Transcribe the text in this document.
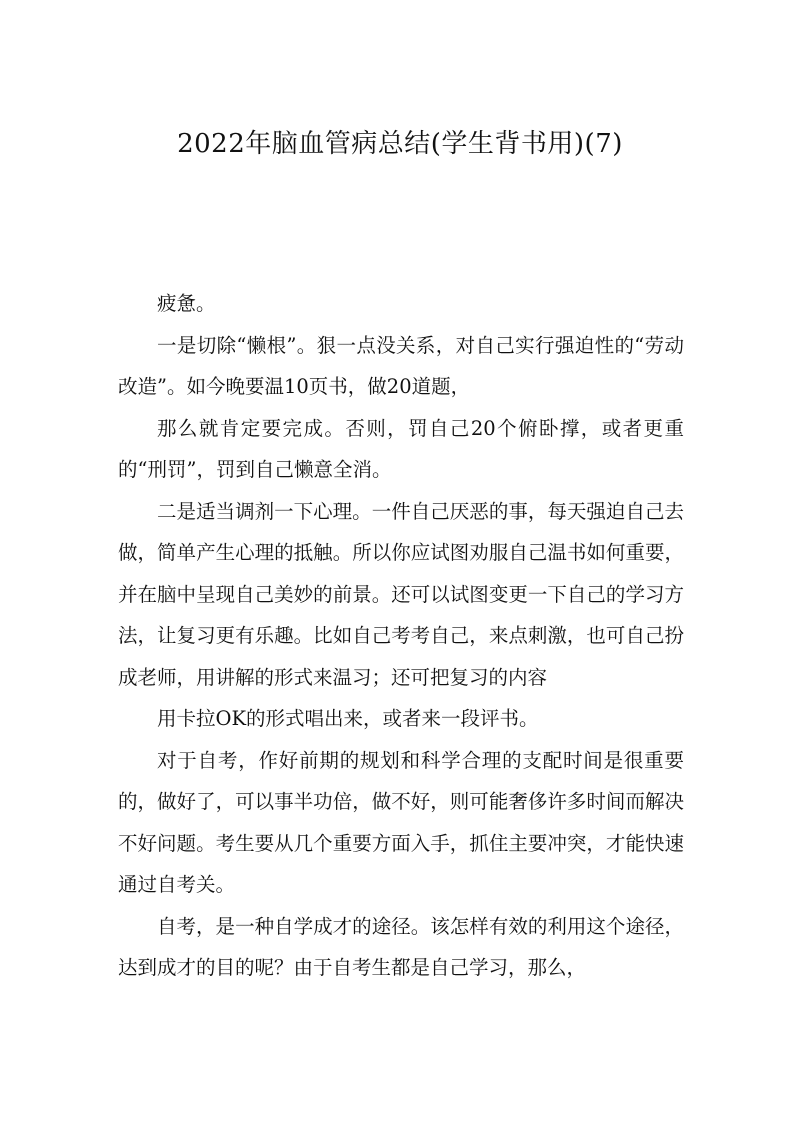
2022年脑血管病总结(学生背书用)(7)

疲惫。

一是切除“懒根”。狠一点没关系，对自己实行强迫性的“劳动改造”。如今晚要温10页书，做20道题，

那么就肯定要完成。否则，罚自己20个俯卧撑，或者更重的“刑罚”，罚到自己懒意全消。

二是适当调剂一下心理。一件自己厌恶的事，每天强迫自己去做，简单产生心理的抵触。所以你应试图劝服自己温书如何重要，并在脑中呈现自己美妙的前景。还可以试图变更一下自己的学习方法，让复习更有乐趣。比如自己考考自己，来点刺激，也可自己扮成老师，用讲解的形式来温习；还可把复习的内容

用卡拉OK的形式唱出来，或者来一段评书。

对于自考，作好前期的规划和科学合理的支配时间是很重要的，做好了，可以事半功倍，做不好，则可能奢侈许多时间而解决不好问题。考生要从几个重要方面入手，抓住主要冲突，才能快速通过自考关。

自考，是一种自学成才的途径。该怎样有效的利用这个途径，达到成才的目的呢？由于自考生都是自己学习，那么，
